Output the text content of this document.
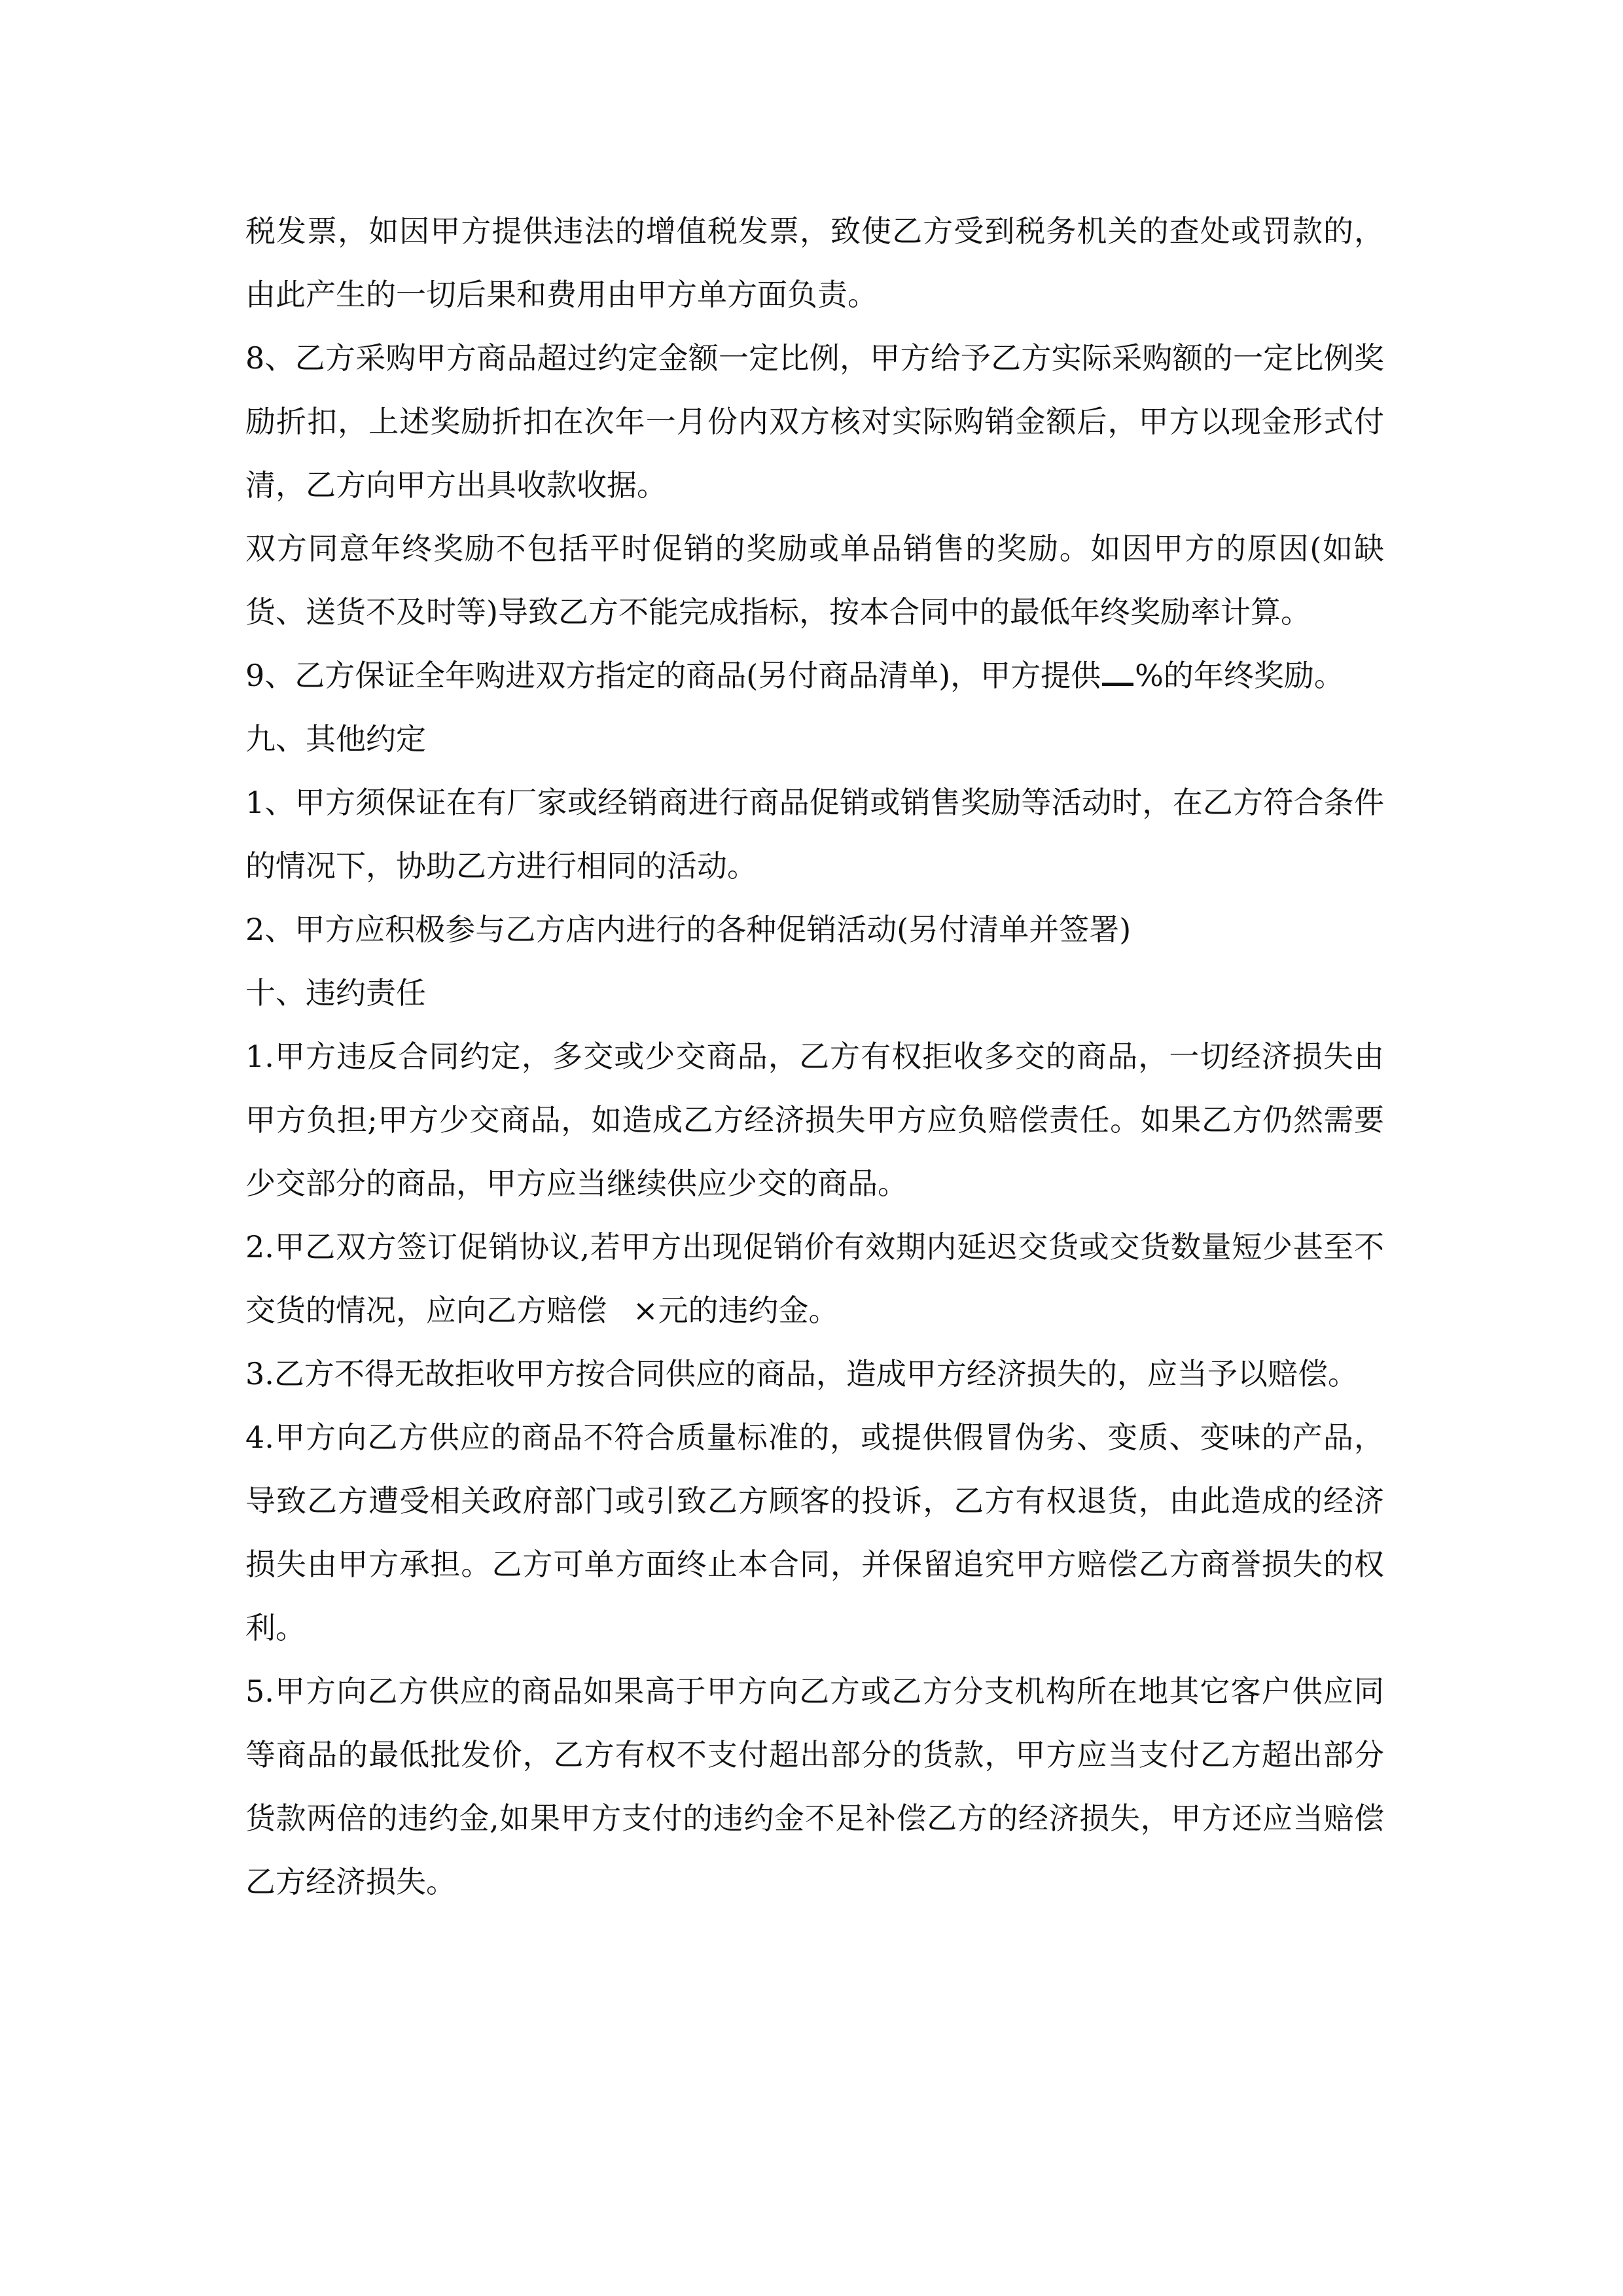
税发票，如因甲方提供违法的增值税发票，致使乙方受到税务机关的查处或罚款的，由此产生的一切后果和费用由甲方单方面负责。

8、乙方采购甲方商品超过约定金额一定比例，甲方给予乙方实际采购额的一定比例奖励折扣，上述奖励折扣在次年一月份内双方核对实际购销金额后，甲方以现金形式付清，乙方向甲方出具收款收据。

双方同意年终奖励不包括平时促销的奖励或单品销售的奖励。如因甲方的原因(如缺货、送货不及时等)导致乙方不能完成指标，按本合同中的最低年终奖励率计算。

9、乙方保证全年购进双方指定的商品(另付商品清单)，甲方提供 %的年终奖励。

九、其他约定

1、甲方须保证在有厂家或经销商进行商品促销或销售奖励等活动时，在乙方符合条件的情况下，协助乙方进行相同的活动。

2、甲方应积极参与乙方店内进行的各种促销活动(另付清单并签署)

十、违约责任

1.甲方违反合同约定，多交或少交商品，乙方有权拒收多交的商品，一切经济损失由甲方负担;甲方少交商品，如造成乙方经济损失甲方应负赔偿责任。如果乙方仍然需要少交部分的商品，甲方应当继续供应少交的商品。

2.甲乙双方签订促销协议,若甲方出现促销价有效期内延迟交货或交货数量短少甚至不交货的情况，应向乙方赔偿 ×元的违约金。

3.乙方不得无故拒收甲方按合同供应的商品，造成甲方经济损失的，应当予以赔偿。

4.甲方向乙方供应的商品不符合质量标准的，或提供假冒伪劣、变质、变味的产品，导致乙方遭受相关政府部门或引致乙方顾客的投诉，乙方有权退货，由此造成的经济损失由甲方承担。乙方可单方面终止本合同，并保留追究甲方赔偿乙方商誉损失的权利。

5.甲方向乙方供应的商品如果高于甲方向乙方或乙方分支机构所在地其它客户供应同等商品的最低批发价，乙方有权不支付超出部分的货款，甲方应当支付乙方超出部分货款两倍的违约金,如果甲方支付的违约金不足补偿乙方的经济损失，甲方还应当赔偿乙方经济损失。
